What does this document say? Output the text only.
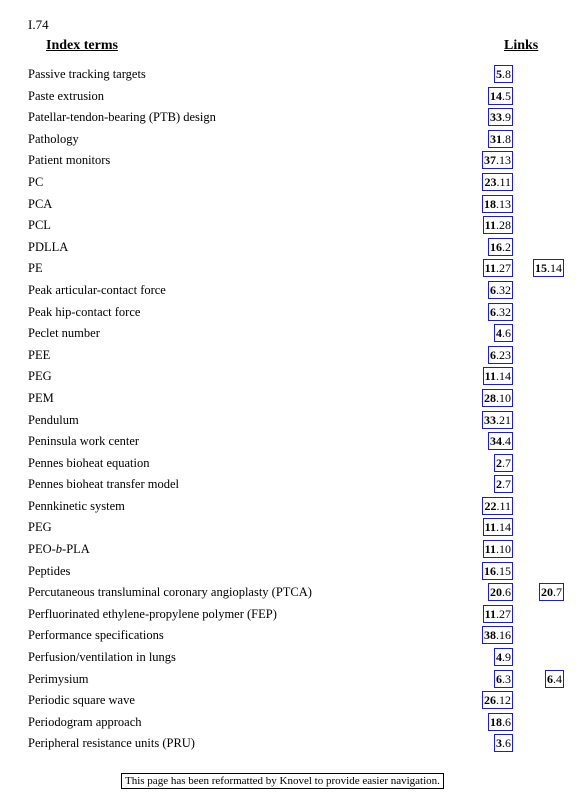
I.74
Index terms	Links
Passive tracking targets	5.8
Paste extrusion	14.5
Patellar-tendon-bearing (PTB) design	33.9
Pathology	31.8
Patient monitors	37.13
PC	23.11
PCA	18.13
PCL	11.28
PDLLA	16.2
PE	11.27 15.14
Peak articular-contact force	6.32
Peak hip-contact force	6.32
Peclet number	4.6
PEE	6.23
PEG	11.14
PEM	28.10
Pendulum	33.21
Peninsula work center	34.4
Pennes bioheat equation	2.7
Pennes bioheat transfer model	2.7
Pennkinetic system	22.11
PEG	11.14
PEO-b-PLA	11.10
Peptides	16.15
Percutaneous transluminal coronary angioplasty (PTCA)	20.6	20.7
Perfluorinated ethylene-propylene polymer (FEP)	11.27
Performance specifications	38.16
Perfusion/ventilation in lungs	4.9
Perimysium	6.3	6.4
Periodic square wave	26.12
Periodogram approach	18.6
Peripheral resistance units (PRU)	3.6
This page has been reformatted by Knovel to provide easier navigation.
